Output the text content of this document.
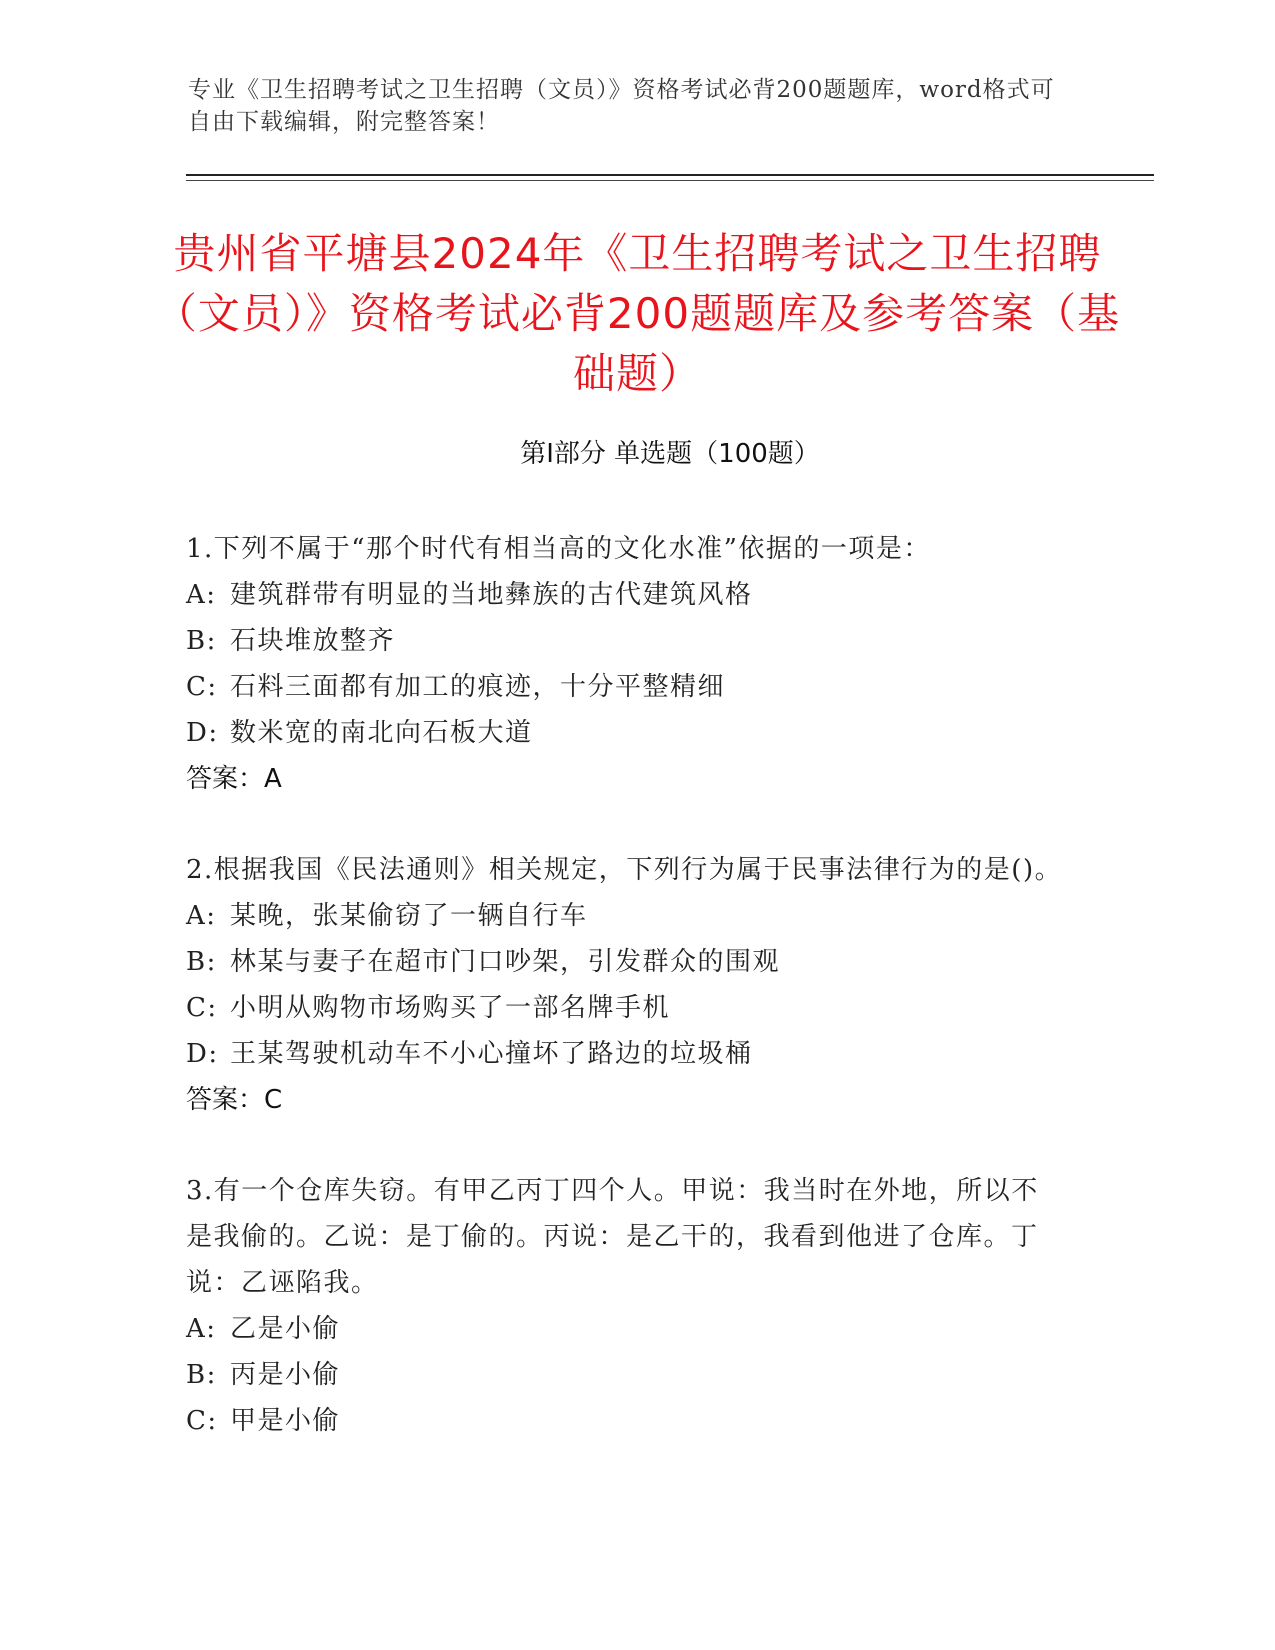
专业《卫生招聘考试之卫生招聘（文员）》资格考试必背200题题库，word格式可自由下载编辑，附完整答案！
贵州省平塘县2024年《卫生招聘考试之卫生招聘（文员）》资格考试必背200题题库及参考答案（基础题）
第Ⅰ部分 单选题（100题）
1.下列不属于“那个时代有相当高的文化水准”依据的一项是：
A: 建筑群带有明显的当地彝族的古代建筑风格
B: 石块堆放整齐
C: 石料三面都有加工的痕迹，十分平整精细
D: 数米宽的南北向石板大道
答案：A
2.根据我国《民法通则》相关规定，下列行为属于民事法律行为的是()。
A: 某晚，张某偷窃了一辆自行车
B: 林某与妻子在超市门口吵架，引发群众的围观
C: 小明从购物市场购买了一部名牌手机
D: 王某驾驶机动车不小心撞坏了路边的垃圾桶
答案：C
3.有一个仓库失窃。有甲乙丙丁四个人。甲说：我当时在外地，所以不是我偷的。乙说：是丁偷的。丙说：是乙干的，我看到他进了仓库。丁说：乙诬陷我。
A: 乙是小偷
B: 丙是小偷
C: 甲是小偷
